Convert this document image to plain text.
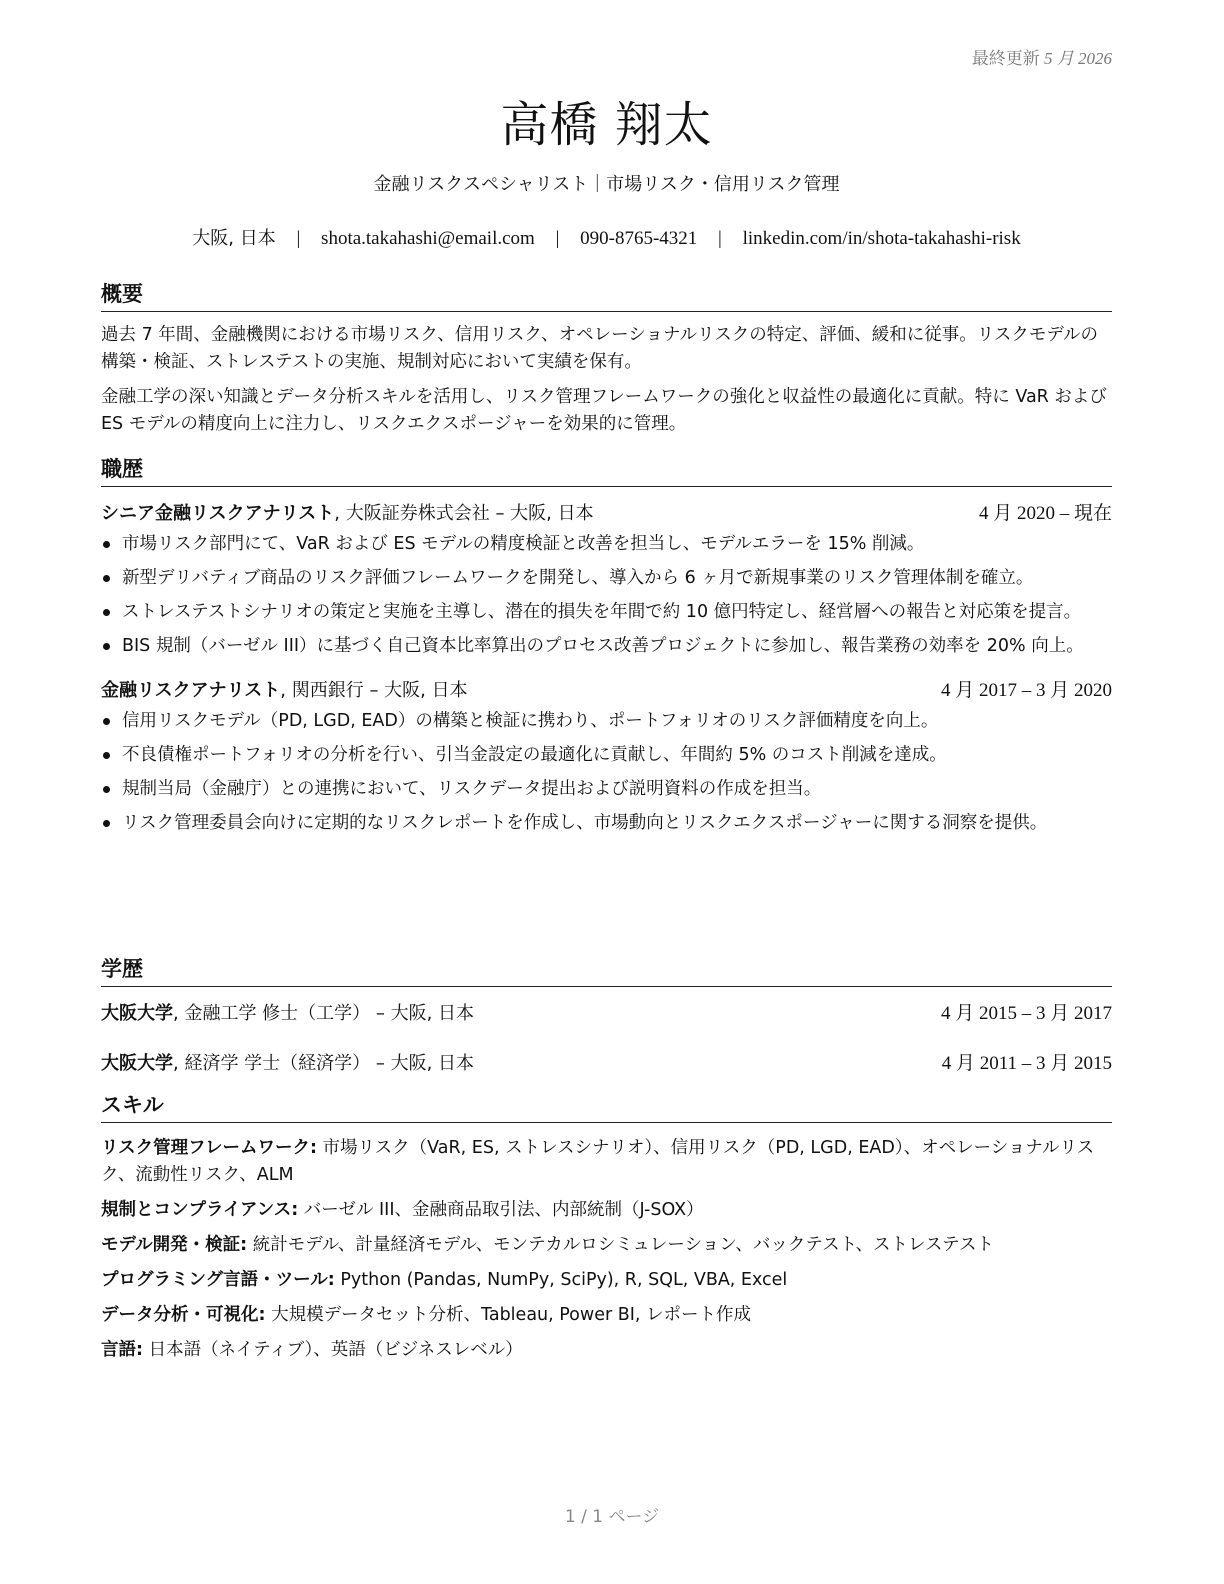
最終更新 5 月 2026
高橋 翔太
金融リスクスペシャリスト｜市場リスク・信用リスク管理
大阪, 日本 | shota.takahashi@email.com | 090-8765-4321 | linkedin.com/in/shota-takahashi-risk
概要

過去 7 年間、金融機関における市場リスク、信用リスク、オペレーショナルリスクの特定、評価、緩和に従事。リスクモデルの構築・検証、ストレステストの実施、規制対応において実績を保有。

金融工学の深い知識とデータ分析スキルを活用し、リスク管理フレームワークの強化と収益性の最適化に貢献。特に VaR および ES モデルの精度向上に注力し、リスクエクスポージャーを効果的に管理。

職歴
シニア金融リスクアナリスト, 大阪証券株式会社 – 大阪, 日本	4 月 2020 – 現在
市場リスク部門にて、VaR および ES モデルの精度検証と改善を担当し、モデルエラーを 15% 削減。
新型デリバティブ商品のリスク評価フレームワークを開発し、導入から 6 ヶ月で新規事業のリスク管理体制を確立。
ストレステストシナリオの策定と実施を主導し、潜在的損失を年間で約 10 億円特定し、経営層への報告と対応策を提言。
BIS 規制（バーゼル III）に基づく自己資本比率算出のプロセス改善プロジェクトに参加し、報告業務の効率を 20% 向上。
金融リスクアナリスト, 関西銀行 – 大阪, 日本	4 月 2017 – 3 月 2020
信用リスクモデル（PD, LGD, EAD）の構築と検証に携わり、ポートフォリオのリスク評価精度を向上。
不良債権ポートフォリオの分析を行い、引当金設定の最適化に貢献し、年間約 5% のコスト削減を達成。
規制当局（金融庁）との連携において、リスクデータ提出および説明資料の作成を担当。
リスク管理委員会向けに定期的なリスクレポートを作成し、市場動向とリスクエクスポージャーに関する洞察を提供。
学歴
大阪大学, 金融工学 修士（工学） – 大阪, 日本	4 月 2015 – 3 月 2017
大阪大学, 経済学 学士（経済学） – 大阪, 日本	4 月 2011 – 3 月 2015
スキル

リスク管理フレームワーク: 市場リスク（VaR, ES, ストレスシナリオ）、信用リスク（PD, LGD, EAD）、オペレーショナルリスク、流動性リスク、ALM

規制とコンプライアンス: バーゼル III、金融商品取引法、内部統制（J-SOX）

モデル開発・検証: 統計モデル、計量経済モデル、モンテカルロシミュレーション、バックテスト、ストレステスト

プログラミング言語・ツール: Python (Pandas, NumPy, SciPy), R, SQL, VBA, Excel

データ分析・可視化: 大規模データセット分析、Tableau, Power BI, レポート作成

言語: 日本語（ネイティブ）、英語（ビジネスレベル）

1 / 1 ページ
